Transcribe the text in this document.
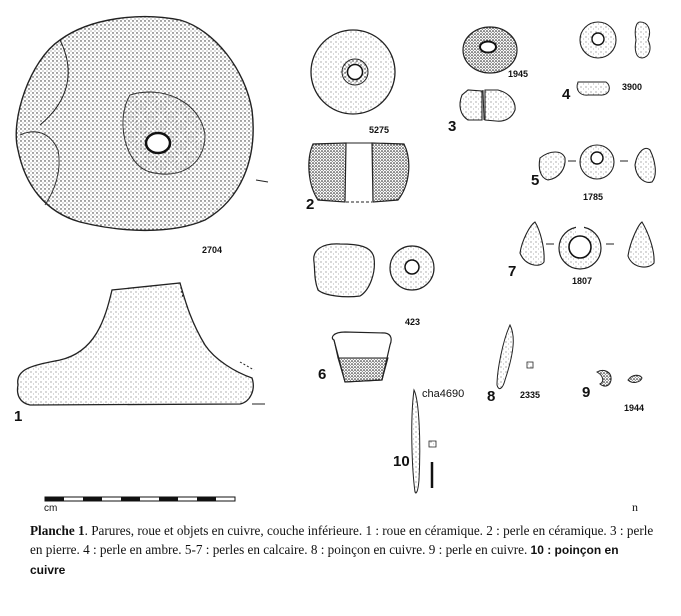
1
2
3
4
5
6
7
8	9
10
2704
5275
1945
3900
1785
1807
423
2335
1944
cha4690
cm	n
Planche 1. Parures, roue et objets en cuivre, couche inférieure. 1 : roue en céramique. 2 : perle en céramique. 3 : perle en pierre. 4 : perle en ambre. 5-7 : perles en calcaire. 8 : poinçon en cuivre. 9 : perle en cuivre. 10 : poinçon en cuivre
